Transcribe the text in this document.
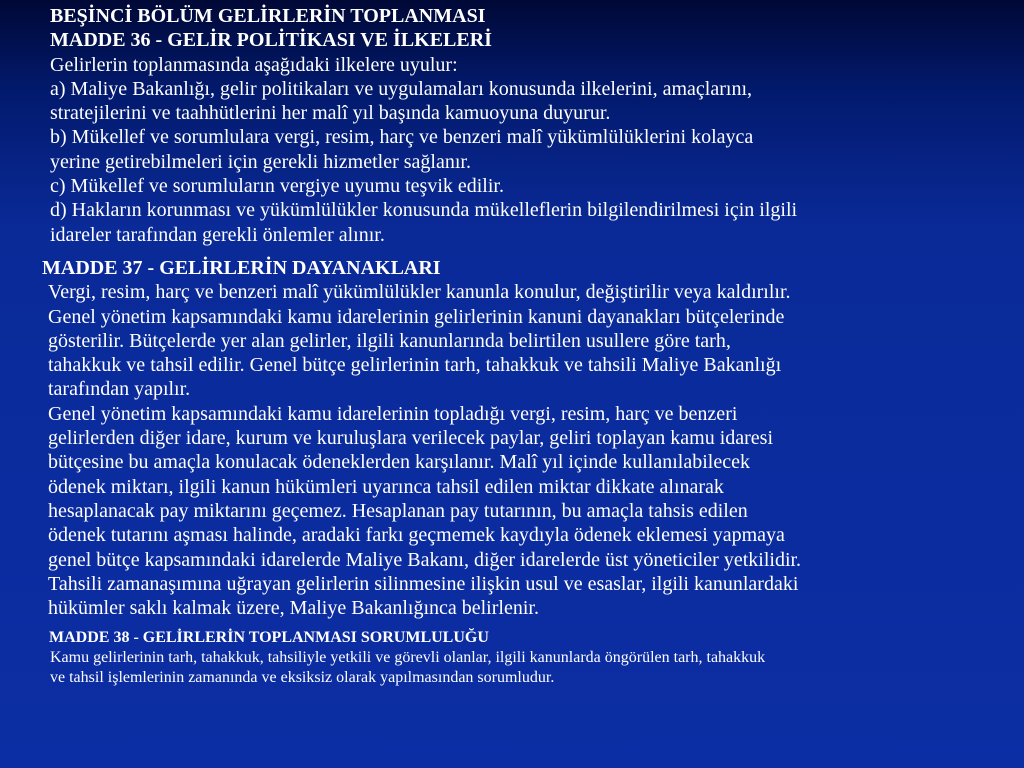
BEŞİNCİ BÖLÜM GELİRLERİN TOPLANMASI
MADDE 36 - GELİR POLİTİKASI VE İLKELERİ
Gelirlerin toplanmasında aşağıdaki ilkelere uyulur:
a) Maliye Bakanlığı, gelir politikaları ve uygulamaları konusunda ilkelerini, amaçlarını,
stratejilerini ve taahhütlerini her malî yıl başında kamuoyuna duyurur.
b) Mükellef ve sorumlulara vergi, resim, harç ve benzeri malî yükümlülüklerini kolayca
yerine getirebilmeleri için gerekli hizmetler sağlanır.
c) Mükellef ve sorumluların vergiye uyumu teşvik edilir.
d) Hakların korunması ve yükümlülükler konusunda mükelleflerin bilgilendirilmesi için ilgili
idareler tarafından gerekli önlemler alınır.
MADDE 37 - GELİRLERİN DAYANAKLARI
Vergi, resim, harç ve benzeri malî yükümlülükler kanunla konulur, değiştirilir veya kaldırılır.
Genel yönetim kapsamındaki kamu idarelerinin gelirlerinin kanuni dayanakları bütçelerinde
gösterilir. Bütçelerde yer alan gelirler, ilgili kanunlarında belirtilen usullere göre tarh,
tahakkuk ve tahsil edilir. Genel bütçe gelirlerinin tarh, tahakkuk ve tahsili Maliye Bakanlığı
tarafından yapılır.
Genel yönetim kapsamındaki kamu idarelerinin topladığı vergi, resim, harç ve benzeri
gelirlerden diğer idare, kurum ve kuruluşlara verilecek paylar, geliri toplayan kamu idaresi
bütçesine bu amaçla konulacak ödeneklerden karşılanır. Malî yıl içinde kullanılabilecek
ödenek miktarı, ilgili kanun hükümleri uyarınca tahsil edilen miktar dikkate alınarak
hesaplanacak pay miktarını geçemez. Hesaplanan pay tutarının, bu amaçla tahsis edilen
ödenek tutarını aşması halinde, aradaki farkı geçmemek kaydıyla ödenek eklemesi yapmaya
genel bütçe kapsamındaki idarelerde Maliye Bakanı, diğer idarelerde üst yöneticiler yetkilidir.
Tahsili zamanaşımına uğrayan gelirlerin silinmesine ilişkin usul ve esaslar, ilgili kanunlardaki
hükümler saklı kalmak üzere, Maliye Bakanlığınca belirlenir.
MADDE 38 - GELİRLERİN TOPLANMASI SORUMLULUĞU
Kamu gelirlerinin tarh, tahakkuk, tahsiliyle yetkili ve görevli olanlar, ilgili kanunlarda öngörülen tarh, tahakkuk
ve tahsil işlemlerinin zamanında ve eksiksiz olarak yapılmasından sorumludur.
